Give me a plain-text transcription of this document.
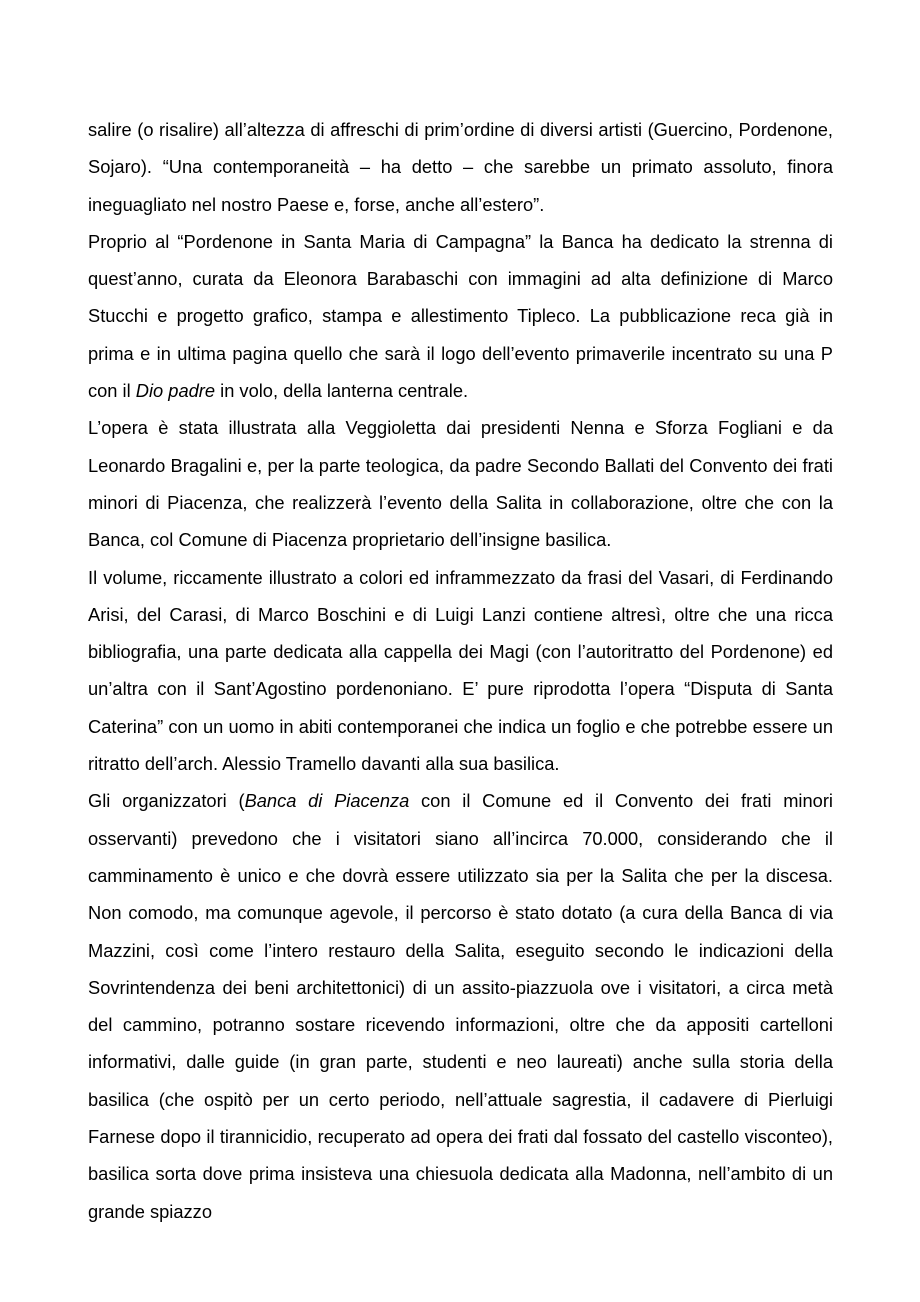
salire (o risalire) all’altezza di affreschi di prim’ordine di diversi artisti (Guercino, Pordenone, Sojaro). “Una contemporaneità – ha detto – che sarebbe un primato assoluto, finora ineguagliato nel nostro Paese e, forse, anche all’estero”.

Proprio al “Pordenone in Santa Maria di Campagna” la Banca ha dedicato la strenna di quest’anno, curata da Eleonora Barabaschi con immagini ad alta definizione di Marco Stucchi e progetto grafico, stampa e allestimento Tipleco. La pubblicazione reca già in prima e in ultima pagina quello che sarà il logo dell’evento primaverile incentrato su una P con il Dio padre in volo, della lanterna centrale.

L’opera è stata illustrata alla Veggioletta dai presidenti Nenna e Sforza Fogliani e da Leonardo Bragalini e, per la parte teologica, da padre Secondo Ballati del Convento dei frati minori di Piacenza, che realizzerà l’evento della Salita in collaborazione, oltre che con la Banca, col Comune di Piacenza proprietario dell’insigne basilica.

Il volume, riccamente illustrato a colori ed inframmezzato da frasi del Vasari, di Ferdinando Arisi, del Carasi, di Marco Boschini e di Luigi Lanzi contiene altresì, oltre che una ricca bibliografia, una parte dedicata alla cappella dei Magi (con l’autoritratto del Pordenone) ed un’altra con il Sant’Agostino pordenoniano. E’ pure riprodotta l’opera “Disputa di Santa Caterina” con un uomo in abiti contemporanei che indica un foglio e che potrebbe essere un ritratto dell’arch. Alessio Tramello davanti alla sua basilica.

Gli organizzatori (Banca di Piacenza con il Comune ed il Convento dei frati minori osservanti) prevedono che i visitatori siano all’incirca 70.000, considerando che il camminamento è unico e che dovrà essere utilizzato sia per la Salita che per la discesa. Non comodo, ma comunque agevole, il percorso è stato dotato (a cura della Banca di via Mazzini, così come l’intero restauro della Salita, eseguito secondo le indicazioni della Sovrintendenza dei beni architettonici) di un assito-piazzuola ove i visitatori, a circa metà del cammino, potranno sostare ricevendo informazioni, oltre che da appositi cartelloni informativi, dalle guide (in gran parte, studenti e neo laureati) anche sulla storia della basilica (che ospitò per un certo periodo, nell’attuale sagrestia, il cadavere di Pierluigi Farnese dopo il tirannicidio, recuperato ad opera dei frati dal fossato del castello visconteo), basilica sorta dove prima insisteva una chiesuola dedicata alla Madonna, nell’ambito di un grande spiazzo
